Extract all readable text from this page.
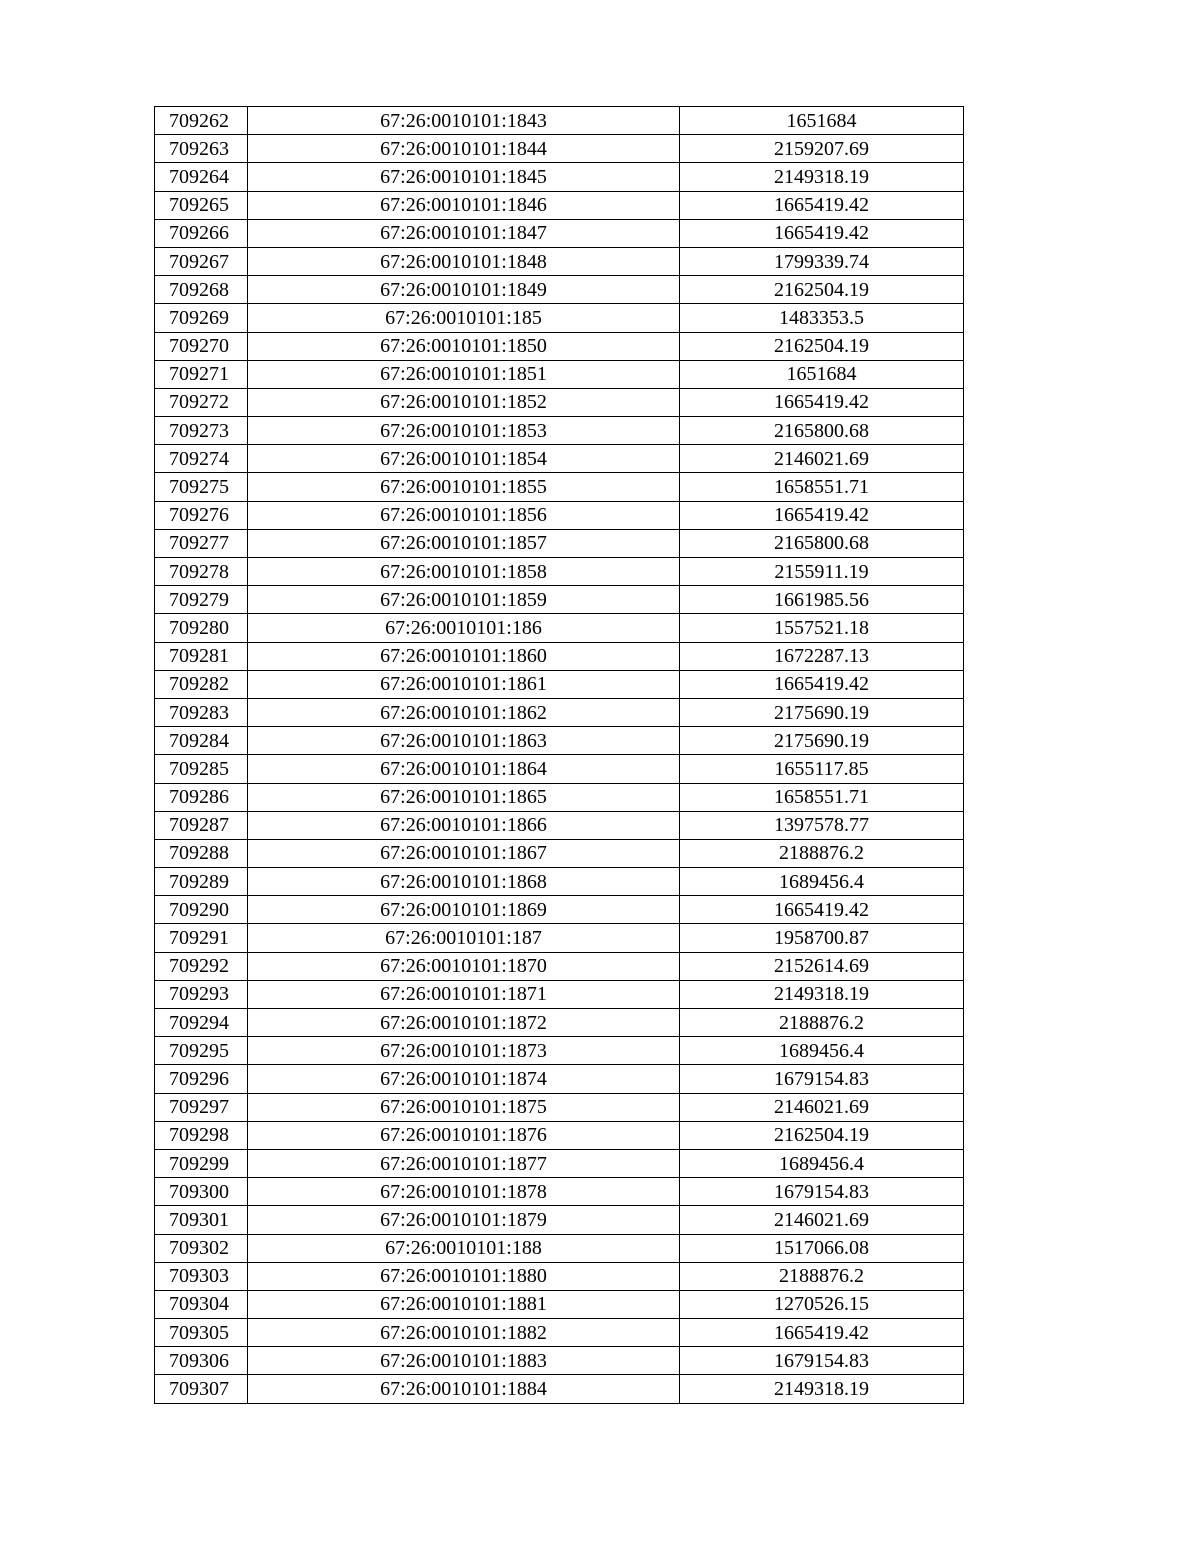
709262	67:26:0010101:1843	1651684
709263	67:26:0010101:1844	2159207.69
709264	67:26:0010101:1845	2149318.19
709265	67:26:0010101:1846	1665419.42
709266	67:26:0010101:1847	1665419.42
709267	67:26:0010101:1848	1799339.74
709268	67:26:0010101:1849	2162504.19
709269	67:26:0010101:185	1483353.5
709270	67:26:0010101:1850	2162504.19
709271	67:26:0010101:1851	1651684
709272	67:26:0010101:1852	1665419.42
709273	67:26:0010101:1853	2165800.68
709274	67:26:0010101:1854	2146021.69
709275	67:26:0010101:1855	1658551.71
709276	67:26:0010101:1856	1665419.42
709277	67:26:0010101:1857	2165800.68
709278	67:26:0010101:1858	2155911.19
709279	67:26:0010101:1859	1661985.56
709280	67:26:0010101:186	1557521.18
709281	67:26:0010101:1860	1672287.13
709282	67:26:0010101:1861	1665419.42
709283	67:26:0010101:1862	2175690.19
709284	67:26:0010101:1863	2175690.19
709285	67:26:0010101:1864	1655117.85
709286	67:26:0010101:1865	1658551.71
709287	67:26:0010101:1866	1397578.77
709288	67:26:0010101:1867	2188876.2
709289	67:26:0010101:1868	1689456.4
709290	67:26:0010101:1869	1665419.42
709291	67:26:0010101:187	1958700.87
709292	67:26:0010101:1870	2152614.69
709293	67:26:0010101:1871	2149318.19
709294	67:26:0010101:1872	2188876.2
709295	67:26:0010101:1873	1689456.4
709296	67:26:0010101:1874	1679154.83
709297	67:26:0010101:1875	2146021.69
709298	67:26:0010101:1876	2162504.19
709299	67:26:0010101:1877	1689456.4
709300	67:26:0010101:1878	1679154.83
709301	67:26:0010101:1879	2146021.69
709302	67:26:0010101:188	1517066.08
709303	67:26:0010101:1880	2188876.2
709304	67:26:0010101:1881	1270526.15
709305	67:26:0010101:1882	1665419.42
709306	67:26:0010101:1883	1679154.83
709307	67:26:0010101:1884	2149318.19
